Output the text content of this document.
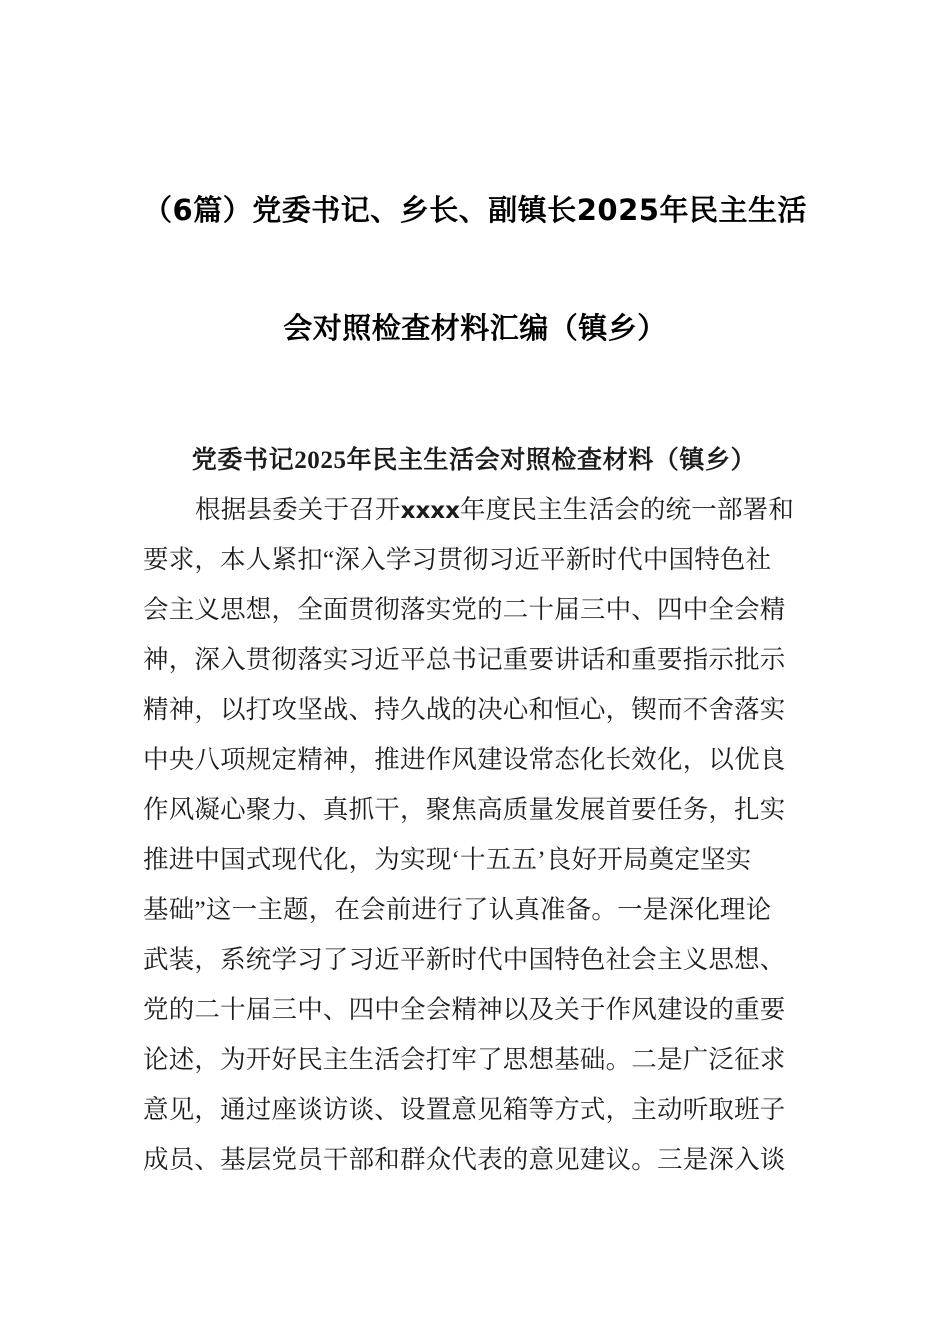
（6篇）党委书记、乡长、副镇长2025年民主生活
会对照检查材料汇编（镇乡）
党委书记2025年民主生活会对照检查材料（镇乡）
根据县委关于召开xxxx年度民主生活会的统一部署和
要求，本人紧扣“深入学习贯彻习近平新时代中国特色社
会主义思想，全面贯彻落实党的二十届三中、四中全会精
神，深入贯彻落实习近平总书记重要讲话和重要指示批示
精神，以打攻坚战、持久战的决心和恒心，锲而不舍落实
中央八项规定精神，推进作风建设常态化长效化，以优良
作风凝心聚力、真抓干，聚焦高质量发展首要任务，扎实
推进中国式现代化，为实现‘十五五’良好开局奠定坚实
基础”这一主题，在会前进行了认真准备。一是深化理论
武装，系统学习了习近平新时代中国特色社会主义思想、
党的二十届三中、四中全会精神以及关于作风建设的重要
论述，为开好民主生活会打牢了思想基础。二是广泛征求
意见，通过座谈访谈、设置意见箱等方式，主动听取班子
成员、基层党员干部和群众代表的意见建议。三是深入谈
